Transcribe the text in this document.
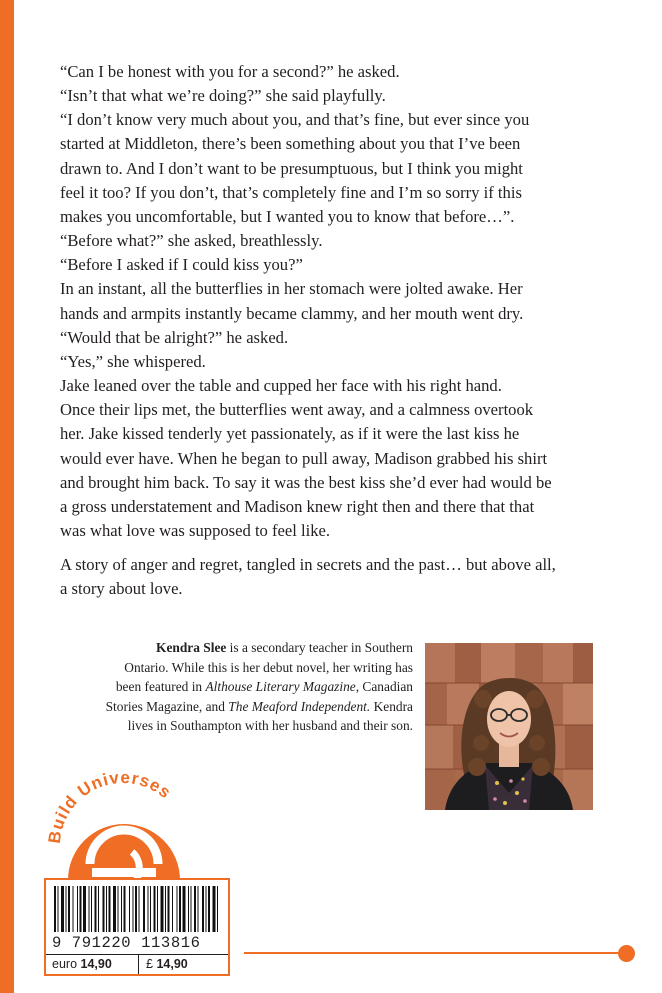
“Can I be honest with you for a second?” he asked.

“Isn’t that what we’re doing?” she said playfully.

“I don’t know very much about you, and that’s fine, but ever since you

started at Middleton, there’s been something about you that I’ve been

drawn to. And I don’t want to be presumptuous, but I think you might

feel it too? If you don’t, that’s completely fine and I’m so sorry if this

makes you uncomfortable, but I wanted you to know that before…”.

“Before what?” she asked, breathlessly.

“Before I asked if I could kiss you?”

In an instant, all the butterflies in her stomach were jolted awake. Her

hands and armpits instantly became clammy, and her mouth went dry.

“Would that be alright?” he asked.

“Yes,” she whispered.

Jake leaned over the table and cupped her face with his right hand.

Once their lips met, the butterflies went away, and a calmness overtook

her. Jake kissed tenderly yet passionately, as if it were the last kiss he

would ever have. When he began to pull away, Madison grabbed his shirt

and brought him back. To say it was the best kiss she’d ever had would be

a gross understatement and Madison knew right then and there that that

was what love was supposed to feel like.

A story of anger and regret, tangled in secrets and the past… but above all,
a story about love.
Kendra Slee is a secondary teacher in Southern
Ontario. While this is her debut novel, her writing has
been featured in Althouse Literary Magazine, Canadian
Stories Magazine, and The Meaford Independent. Kendra
lives in Southampton with her husband and their son.
Build Universes
9 791220 113816
euro 14,90	£ 14,90
